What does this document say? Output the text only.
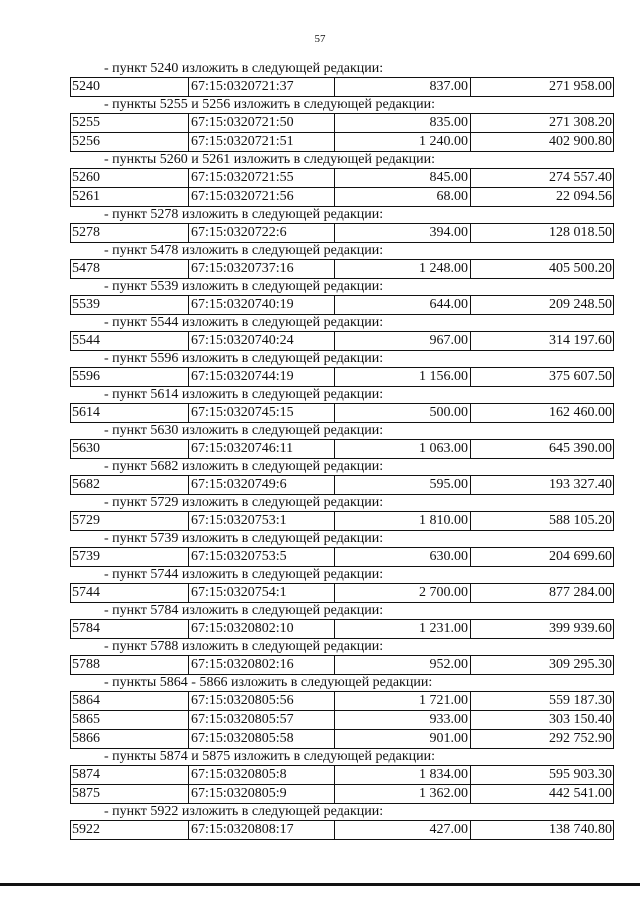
57
- пункт 5240 изложить в следующей редакции:
5240	67:15:0320721:37	837.00	271 958.00
- пункты 5255 и 5256 изложить в следующей редакции:
5255	67:15:0320721:50	835.00	271 308.20
5256	67:15:0320721:51	1 240.00	402 900.80
- пункты 5260 и 5261 изложить в следующей редакции:
5260	67:15:0320721:55	845.00	274 557.40
5261	67:15:0320721:56	68.00	22 094.56
- пункт 5278 изложить в следующей редакции:
5278	67:15:0320722:6	394.00	128 018.50
- пункт 5478 изложить в следующей редакции:
5478	67:15:0320737:16	1 248.00	405 500.20
- пункт 5539 изложить в следующей редакции:
5539	67:15:0320740:19	644.00	209 248.50
- пункт 5544 изложить в следующей редакции:
5544	67:15:0320740:24	967.00	314 197.60
- пункт 5596 изложить в следующей редакции:
5596	67:15:0320744:19	1 156.00	375 607.50
- пункт 5614 изложить в следующей редакции:
5614	67:15:0320745:15	500.00	162 460.00
- пункт 5630 изложить в следующей редакции:
5630	67:15:0320746:11	1 063.00	645 390.00
- пункт 5682 изложить в следующей редакции:
5682	67:15:0320749:6	595.00	193 327.40
- пункт 5729 изложить в следующей редакции:
5729	67:15:0320753:1	1 810.00	588 105.20
- пункт 5739 изложить в следующей редакции:
5739	67:15:0320753:5	630.00	204 699.60
- пункт 5744 изложить в следующей редакции:
5744	67:15:0320754:1	2 700.00	877 284.00
- пункт 5784 изложить в следующей редакции:
5784	67:15:0320802:10	1 231.00	399 939.60
- пункт 5788 изложить в следующей редакции:
5788	67:15:0320802:16	952.00	309 295.30
- пункты 5864 - 5866 изложить в следующей редакции:
5864	67:15:0320805:56	1 721.00	559 187.30
5865	67:15:0320805:57	933.00	303 150.40
5866	67:15:0320805:58	901.00	292 752.90
- пункты 5874 и 5875 изложить в следующей редакции:
5874	67:15:0320805:8	1 834.00	595 903.30
5875	67:15:0320805:9	1 362.00	442 541.00
- пункт 5922 изложить в следующей редакции:
5922	67:15:0320808:17	427.00	138 740.80
